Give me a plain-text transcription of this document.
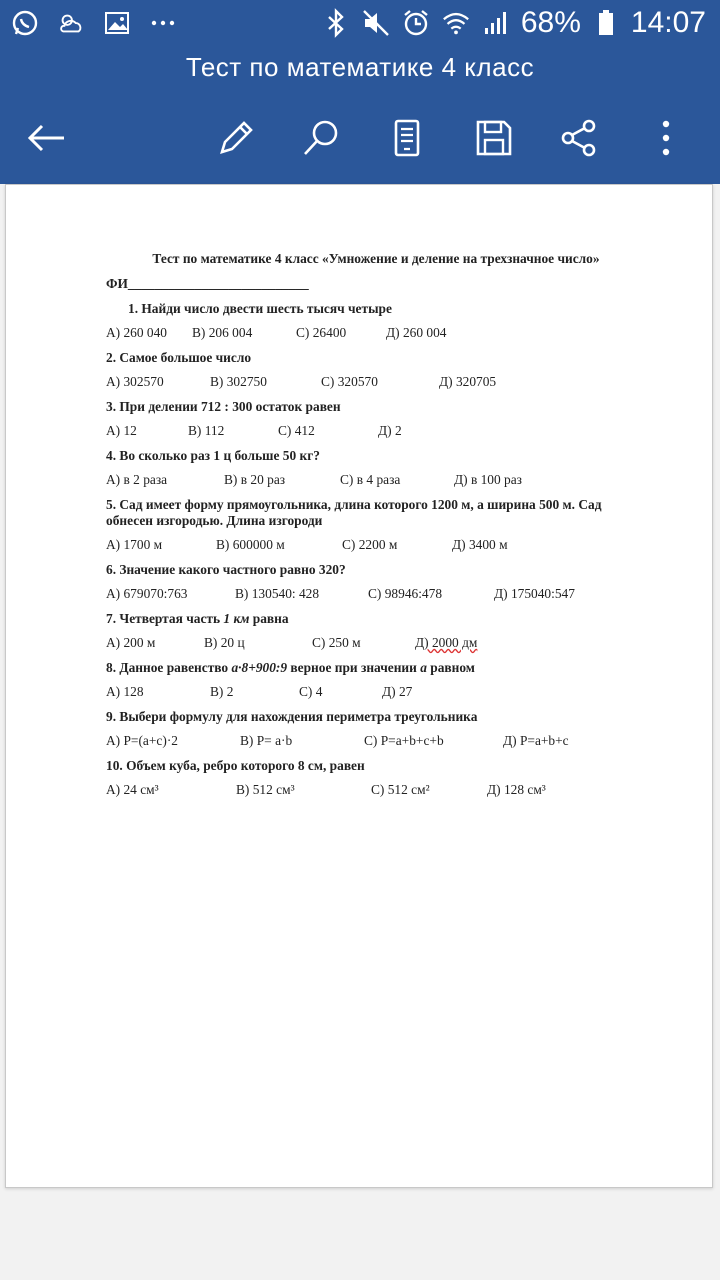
68% 14:07
Тест по математике 4 класс
Тест по математике 4 класс «Умножение и деление на трехзначное число»
ФИ___________________________
1. Найди число двести шесть тысяч четыре
А) 260 040 В) 206 004	С) 26400	Д) 260 004
2. Самое большое число
А) 302570	В) 302750	С) 320570	Д) 320705
3. При делении 712 : 300 остаток равен
А) 12	В) 112	С) 412	Д) 2
4. Во сколько раз 1 ц больше 50 кг?
А) в 2 раза	В) в 20 раз	С) в 4 раза	Д) в 100 раз
5. Сад имеет форму прямоугольника, длина которого 1200 м, а ширина 500 м. Сад обнесен изгородью. Длина изгороди
А) 1700 м	В) 600000 м	С) 2200 м	Д) 3400 м
6. Значение какого частного равно 320?
А) 679070:763	В) 130540: 428	С) 98946:478	Д) 175040:547
7. Четвертая часть 1 км равна
А) 200 м	В) 20 ц	С) 250 м	Д) 2000 дм
8. Данное равенство а·8+900:9 верное при значении а равном
А) 128	В) 2	С) 4	Д) 27
9. Выбери формулу для нахождения периметра треугольника
А) Р=(а+с)·2	В) Р= а·b	С) Р=а+b+с+b	Д) Р=а+b+с
10. Объем куба, ребро которого 8 см, равен
А) 24 см³	В) 512 см³	С) 512 см²	Д) 128 см³
